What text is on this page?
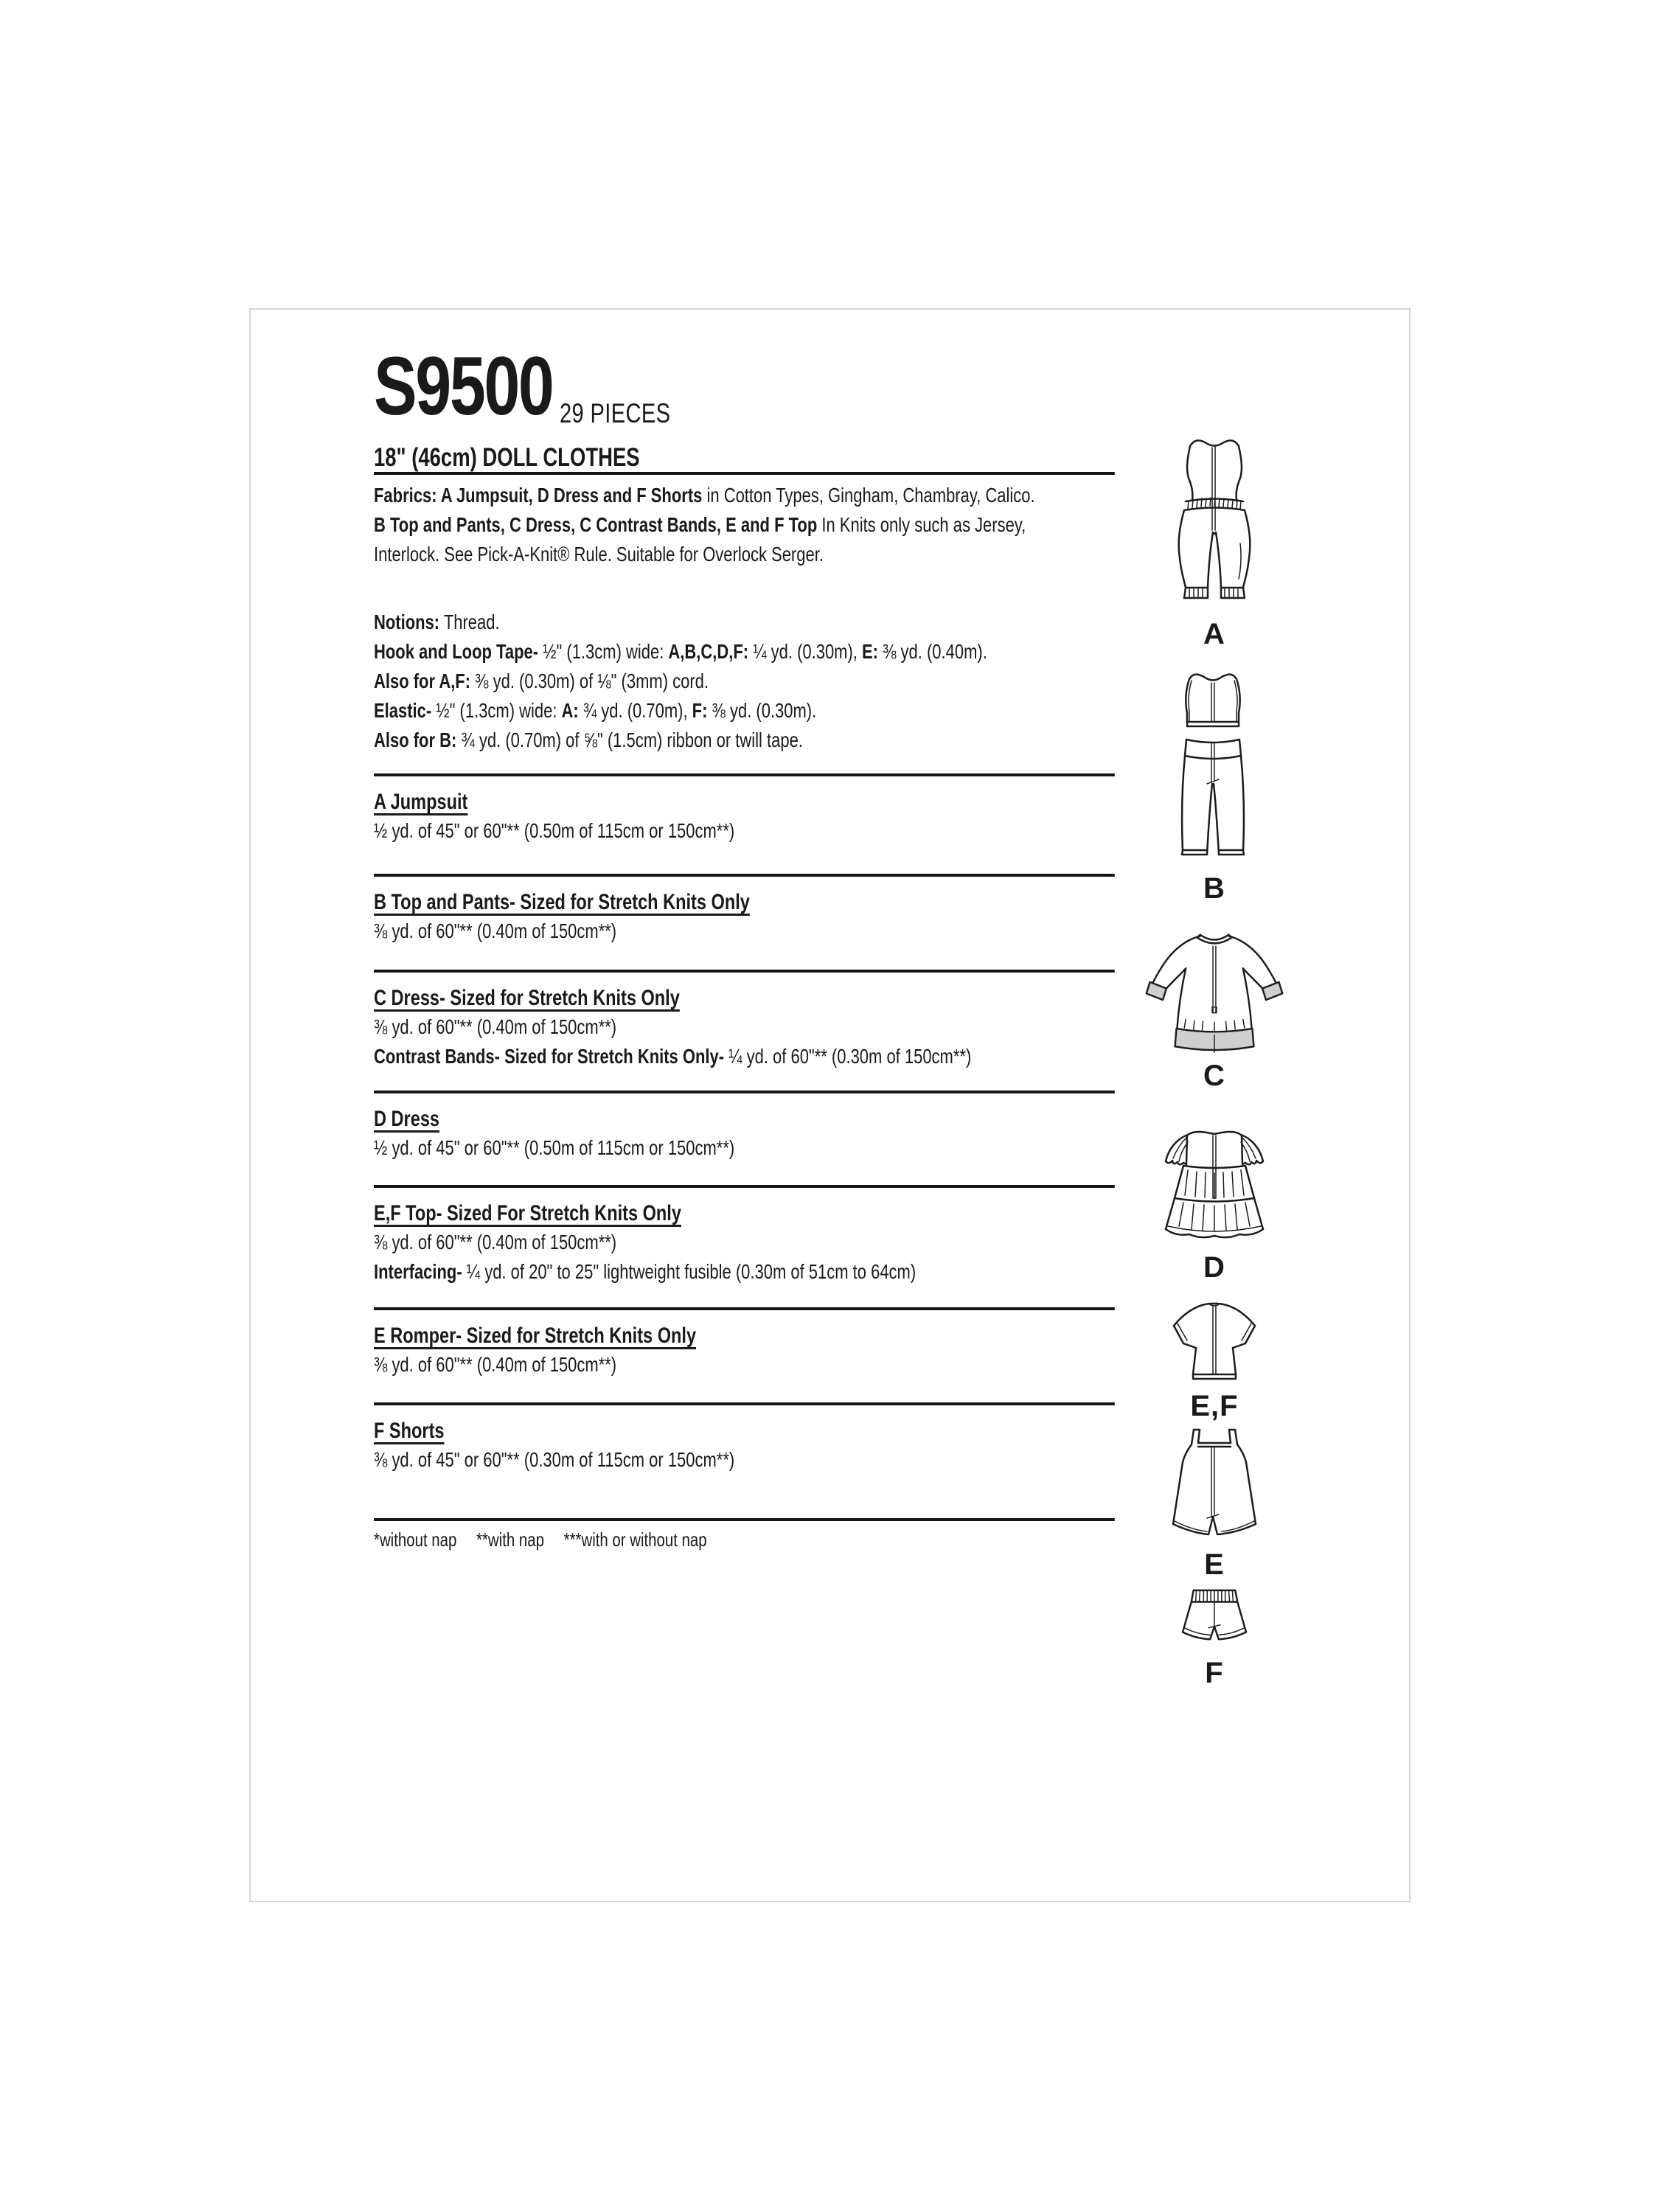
S9500 29 PIECES
18" (46cm) DOLL CLOTHES

Fabrics: A Jumpsuit, D Dress and F Shorts in Cotton Types, Gingham, Chambray, Calico.

B Top and Pants, C Dress, C Contrast Bands, E and F Top In Knits only such as Jersey,

Interlock. See Pick-A-Knit® Rule. Suitable for Overlock Serger.

Notions: Thread.

Hook and Loop Tape- ½" (1.3cm) wide: A,B,C,D,F: ¼ yd. (0.30m), E: ⅜ yd. (0.40m).

Also for A,F: ⅜ yd. (0.30m) of ⅛" (3mm) cord.

Elastic- ½" (1.3cm) wide: A: ¾ yd. (0.70m), F: ⅜ yd. (0.30m).

Also for B: ¾ yd. (0.70m) of ⅝" (1.5cm) ribbon or twill tape.

A Jumpsuit

½ yd. of 45" or 60"** (0.50m of 115cm or 150cm**)

B Top and Pants- Sized for Stretch Knits Only

⅜ yd. of 60"** (0.40m of 150cm**)

C Dress- Sized for Stretch Knits Only

⅜ yd. of 60"** (0.40m of 150cm**)

Contrast Bands- Sized for Stretch Knits Only- ¼ yd. of 60"** (0.30m of 150cm**)

D Dress

½ yd. of 45" or 60"** (0.50m of 115cm or 150cm**)

E,F Top- Sized For Stretch Knits Only

⅜ yd. of 60"** (0.40m of 150cm**)

Interfacing- ¼ yd. of 20" to 25" lightweight fusible (0.30m of 51cm to 64cm)

E Romper- Sized for Stretch Knits Only

⅜ yd. of 60"** (0.40m of 150cm**)

F Shorts

⅜ yd. of 45" or 60"** (0.30m of 115cm or 150cm**)

*without nap **with nap ***with or without nap

A
B
C
D
E,F
E
F
